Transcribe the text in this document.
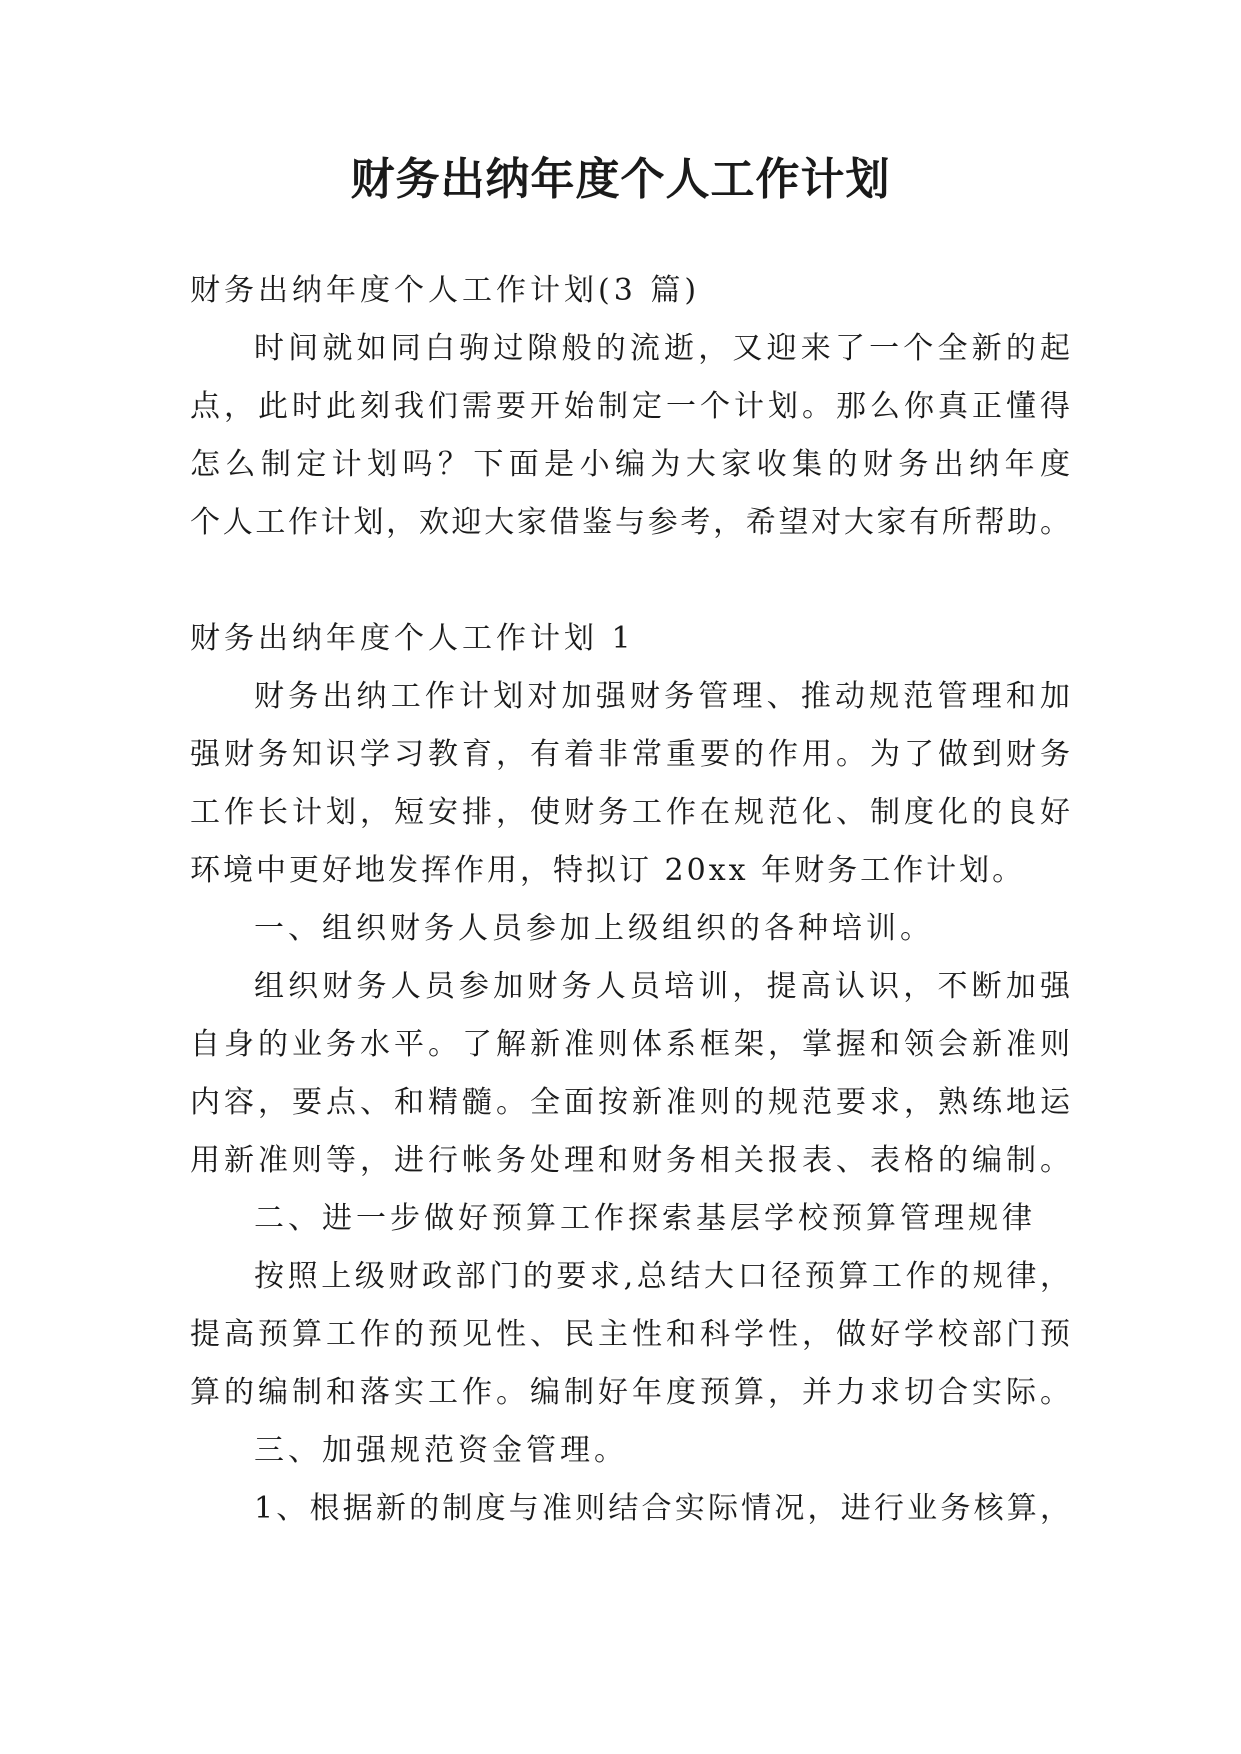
财务出纳年度个人工作计划
财务出纳年度个人工作计划(3 篇)
时间就如同白驹过隙般的流逝，又迎来了一个全新的起
点，此时此刻我们需要开始制定一个计划。那么你真正懂得
怎么制定计划吗？下面是小编为大家收集的财务出纳年度
个人工作计划，欢迎大家借鉴与参考，希望对大家有所帮助。
财务出纳年度个人工作计划 1
财务出纳工作计划对加强财务管理、推动规范管理和加
强财务知识学习教育，有着非常重要的作用。为了做到财务
工作长计划，短安排，使财务工作在规范化、制度化的良好
环境中更好地发挥作用，特拟订 20xx 年财务工作计划。
一、组织财务人员参加上级组织的各种培训。
组织财务人员参加财务人员培训，提高认识，不断加强
自身的业务水平。了解新准则体系框架，掌握和领会新准则
内容，要点、和精髓。全面按新准则的规范要求，熟练地运
用新准则等，进行帐务处理和财务相关报表、表格的编制。
二、进一步做好预算工作探索基层学校预算管理规律
按照上级财政部门的要求,总结大口径预算工作的规律，
提高预算工作的预见性、民主性和科学性，做好学校部门预
算的编制和落实工作。编制好年度预算，并力求切合实际。
三、加强规范资金管理。
1、根据新的制度与准则结合实际情况，进行业务核算，
